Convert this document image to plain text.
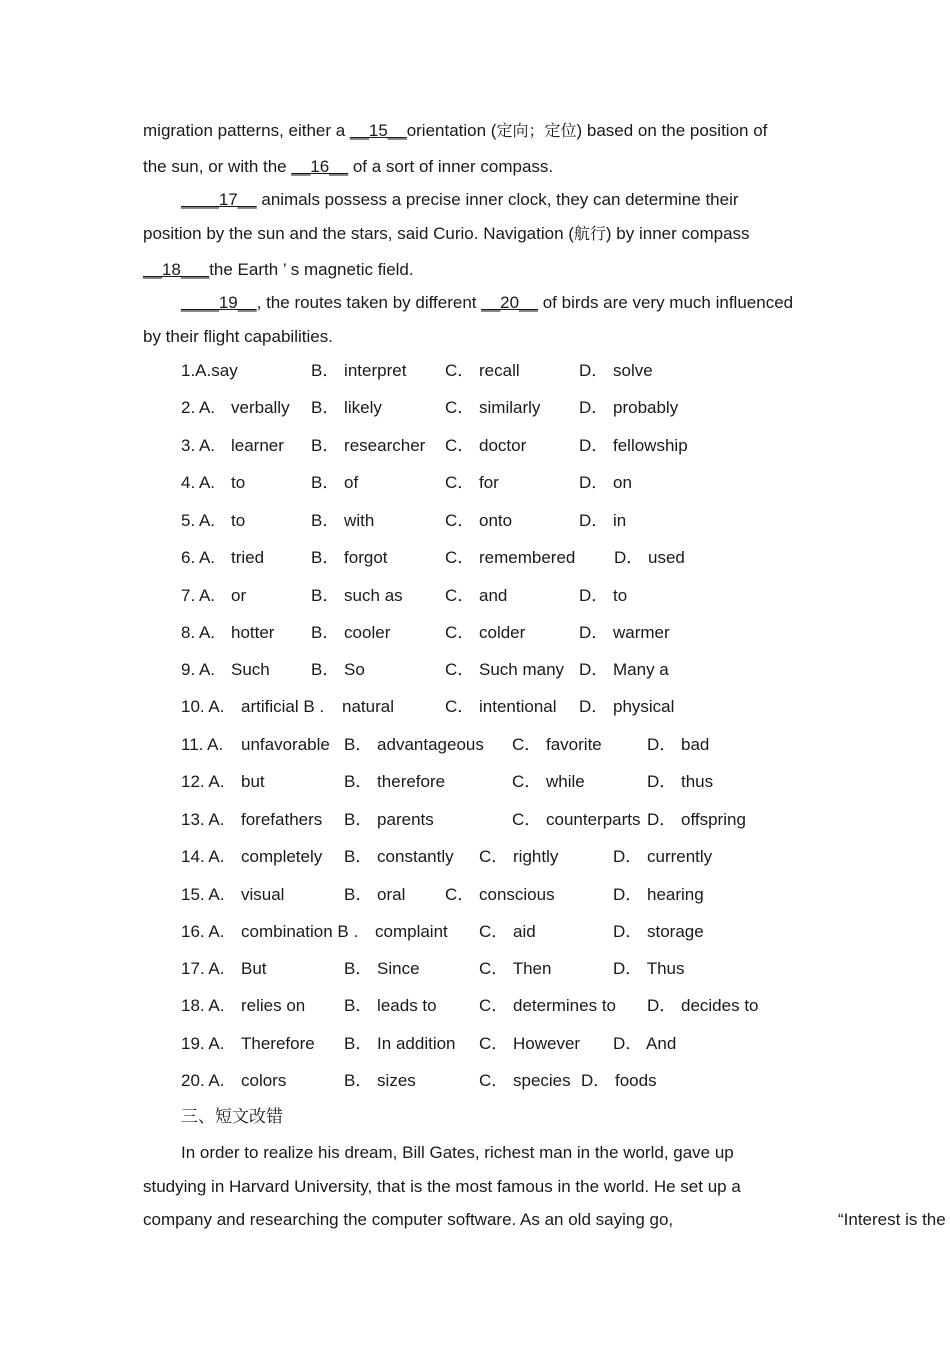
migration patterns, either a __15__orientation (定向；定位) based on the position of
the sun, or with the __16__ of a sort of inner compass.
____17__ animals possess a precise inner clock, they can determine their
position by the sun and the stars, said Curio. Navigation (航行) by inner compass
__18___the Earth ’ s magnetic field.
____19__, the routes taken by different __20__ of birds are very much influenced
by their flight capabilities.
1.A.say	B． interpret C． recall	D． solve
2. A. verbally B． likely	C． similarly D． probably
3. A. learner B． researcher C． doctor	D． fellowship
4. A. to	B． of	C． for	D． on
5. A. to	B． with	C． onto	D． in
6. A. tried	B． forgot	C． remembered D． used
7. A. or	B． such as C． and	D． to
8. A. hotter B． cooler	C． colder	D． warmer
9. A. Such B． So	C． Such many D． Many a
10. A. artificial B . natural	C． intentional D． physical
11. A. unfavorable B． advantageous C． favorite	D． bad
12. A. but	B． therefore	C． while	D． thus
13. A. forefathers B． parents	C． counterparts D． offspring
14. A. completely B． constantly C． rightly	D． currently
15. A. visual	B． oral C． conscious	D． hearing
16. A. combination B . complaint C． aid	D． storage
17. A. But	B． Since	C． Then	D． Thus
18. A. relies on B． leads to C． determines to D． decides to
19. A. Therefore B． In addition C． However D． And
20. A. colors	B． sizes	C． species D． foods
三、短文改错
In order to realize his dream, Bill Gates, richest man in the world, gave up
studying in Harvard University, that is the most famous in the world. He set up a
company and researching the computer software. As an old saying go,	“Interest is the
